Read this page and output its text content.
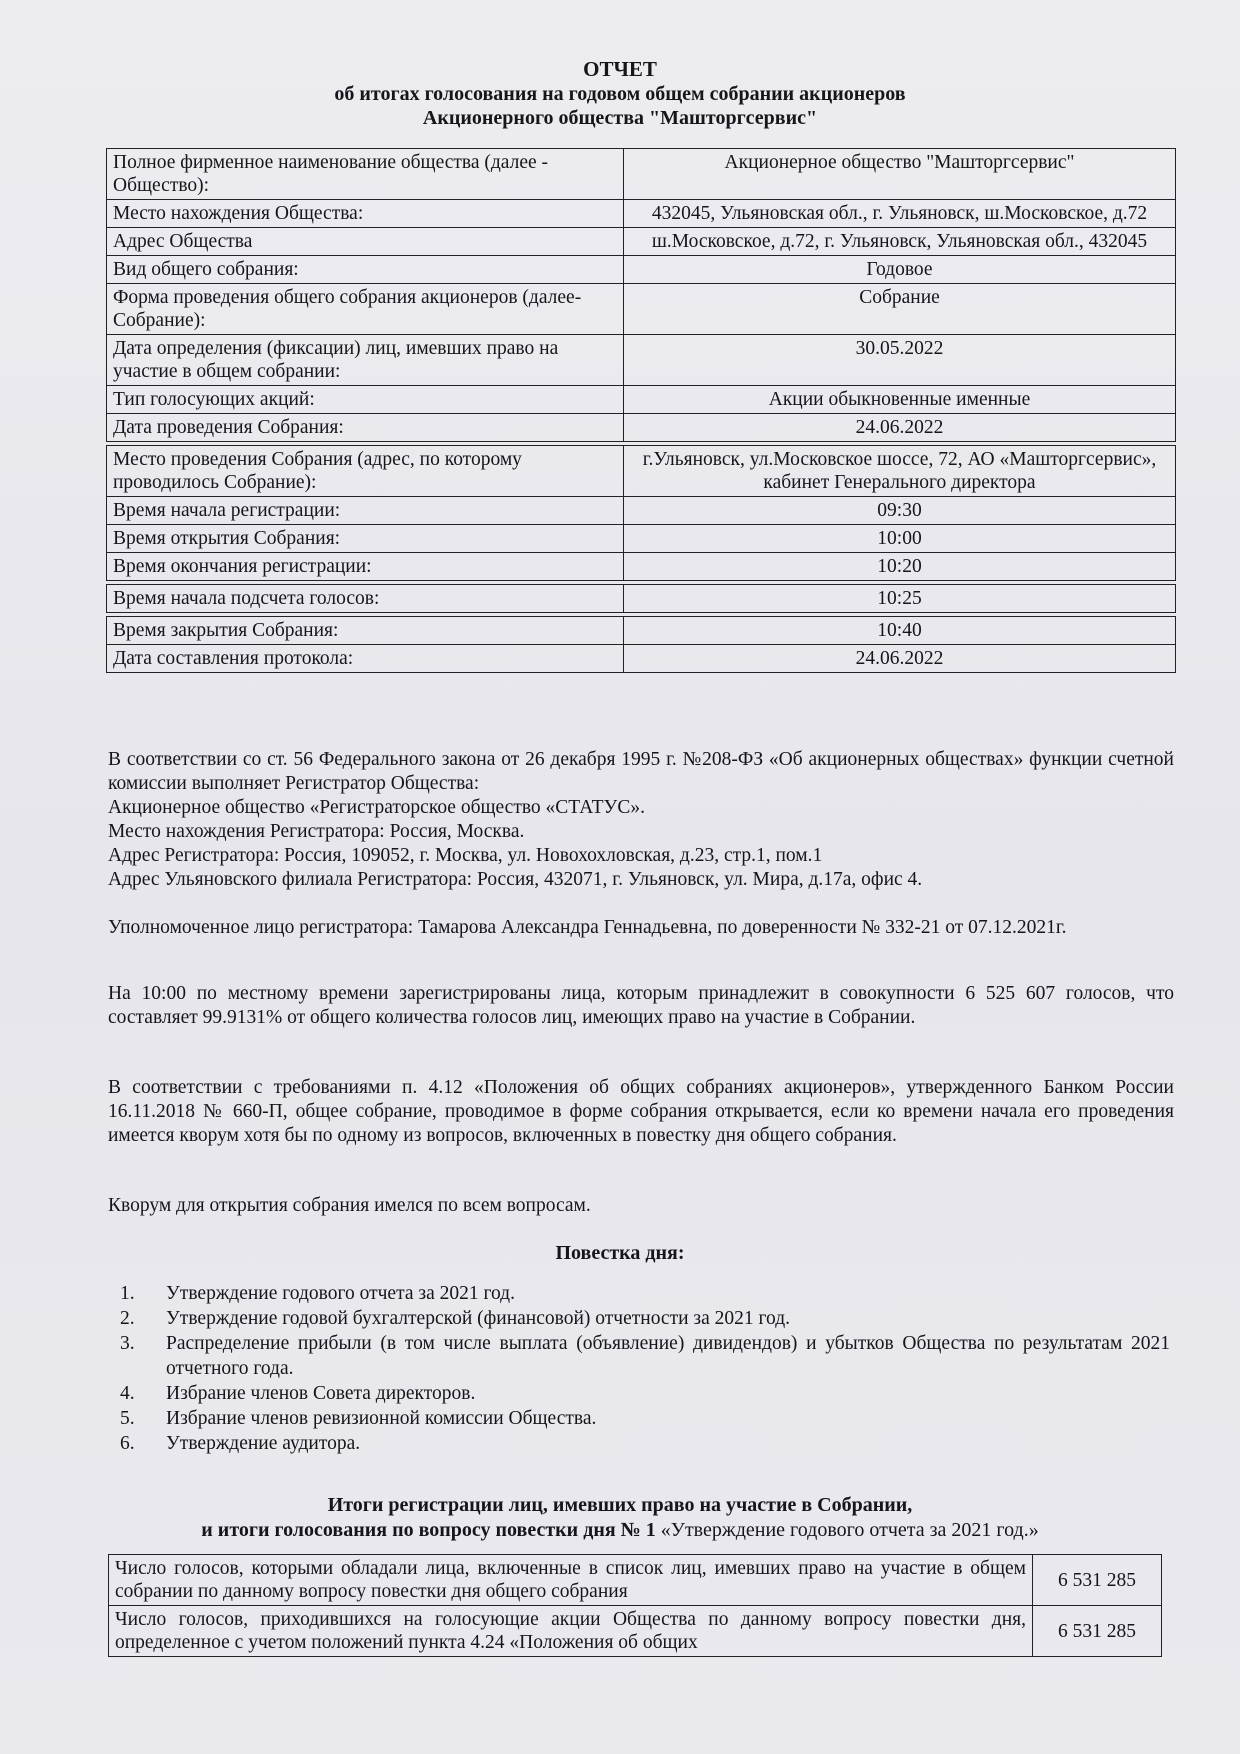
ОТЧЕТ
об итогах голосования на годовом общем собрании акционеров
Акционерного общества "Машторгсервис"
Полное фирменное наименование общества (далее - Общество):	Акционерное общество "Машторгсервис"
Место нахождения Общества:	432045, Ульяновская обл., г. Ульяновск, ш.Московское, д.72
Адрес Общества	ш.Московское, д.72, г. Ульяновск, Ульяновская обл., 432045
Вид общего собрания:	Годовое
Форма проведения общего собрания акционеров (далее-Собрание):	Собрание
Дата определения (фиксации) лиц, имевших право на участие в общем собрании:	30.05.2022
Тип голосующих акций:	Акции обыкновенные именные
Дата проведения Собрания:	24.06.2022

Место проведения Собрания (адрес, по которому проводилось Собрание):	г.Ульяновск, ул.Московское шоссе, 72, АО «Машторгсервис», кабинет Генерального директора
Время начала регистрации:	09:30
Время открытия Собрания:	10:00
Время окончания регистрации:	10:20

Время начала подсчета голосов:	10:25

Время закрытия Собрания:	10:40
Дата составления протокола:	24.06.2022

В соответствии со ст. 56 Федерального закона от 26 декабря 1995 г. №208-ФЗ «Об акционерных обществах» функции счетной комиссии выполняет Регистратор Общества:

Акционерное общество «Регистраторское общество «СТАТУС».
Место нахождения Регистратора: Россия, Москва.
Адрес Регистратора: Россия, 109052, г. Москва, ул. Новохохловская, д.23, стр.1, пом.1
Адрес Ульяновского филиала Регистратора: Россия, 432071, г. Ульяновск, ул. Мира, д.17а, офис 4.

Уполномоченное лицо регистратора: Тамарова Александра Геннадьевна, по доверенности № 332-21 от 07.12.2021г.

На 10:00 по местному времени зарегистрированы лица, которым принадлежит в совокупности 6 525 607 голосов, что составляет 99.9131% от общего количества голосов лиц, имеющих право на участие в Собрании.

В соответствии с требованиями п. 4.12 «Положения об общих собраниях акционеров», утвержденного Банком России 16.11.2018 № 660-П, общее собрание, проводимое в форме собрания открывается, если ко времени начала его проведения имеется кворум хотя бы по одному из вопросов, включенных в повестку дня общего собрания.

Кворум для открытия собрания имелся по всем вопросам.

Повестка дня:
1. Утверждение годового отчета за 2021 год.
2. Утверждение годовой бухгалтерской (финансовой) отчетности за 2021 год.
3. Распределение прибыли (в том числе выплата (объявление) дивидендов) и убытков Общества по результатам 2021 отчетного года.
4. Избрание членов Совета директоров.
5. Избрание членов ревизионной комиссии Общества.
6. Утверждение аудитора.
Итоги регистрации лиц, имевших право на участие в Собрании,
и итоги голосования по вопросу повестки дня № 1 «Утверждение годового отчета за 2021 год.»
Число голосов, которыми обладали лица, включенные в список лиц, имевших право на участие в общем собрании по данному вопросу повестки дня общего собрания	6 531 285
Число голосов, приходившихся на голосующие акции Общества по данному вопросу повестки дня, определенное с учетом положений пункта 4.24 «Положения об общих	6 531 285
